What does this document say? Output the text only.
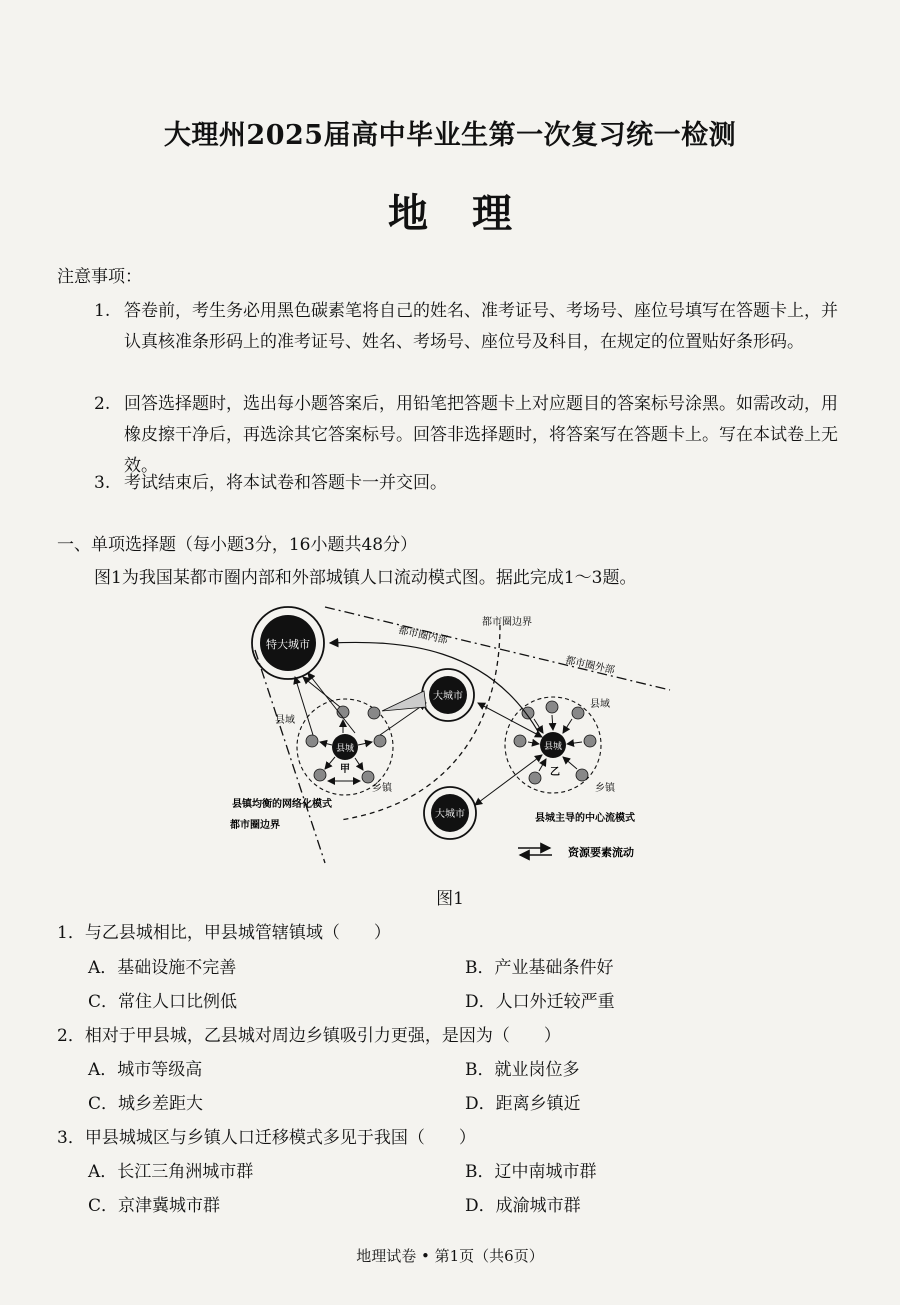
大理州2025届高中毕业生第一次复习统一检测
地理
注意事项：
1. 答卷前，考生务必用黑色碳素笔将自己的姓名、准考证号、考场号、座位号填写在答题卡上，并认真核准条形码上的准考证号、姓名、考场号、座位号及科目，在规定的位置贴好条形码。
2. 回答选择题时，选出每小题答案后，用铅笔把答题卡上对应题目的答案标号涂黑。如需改动，用橡皮擦干净后，再选涂其它答案标号。回答非选择题时，将答案写在答题卡上。写在本试卷上无效。
3. 考试结束后，将本试卷和答题卡一并交回。
一、单项选择题（每小题3分，16小题共48分）
图1为我国某都市圈内部和外部城镇人口流动模式图。据此完成1～3题。
特大城市
大城市
大城市
县城	县城
都市圈内部
都市圈边界
都市圈外部
县域
县域
甲	乙
乡镇	乡镇
县镇均衡的网络化模式
都市圈边界
县城主导的中心流模式
资源要素流动
图1
1．与乙县城相比，甲县城管辖镇域（　　）
A．基础设施不完善	B．产业基础条件好
C．常住人口比例低	D．人口外迁较严重
2．相对于甲县城，乙县城对周边乡镇吸引力更强，是因为（　　）
A．城市等级高	B．就业岗位多
C．城乡差距大	D．距离乡镇近
3．甲县城城区与乡镇人口迁移模式多见于我国（　　）
A．长江三角洲城市群	B．辽中南城市群
C．京津冀城市群	D．成渝城市群
地理试卷 • 第1页（共6页）
